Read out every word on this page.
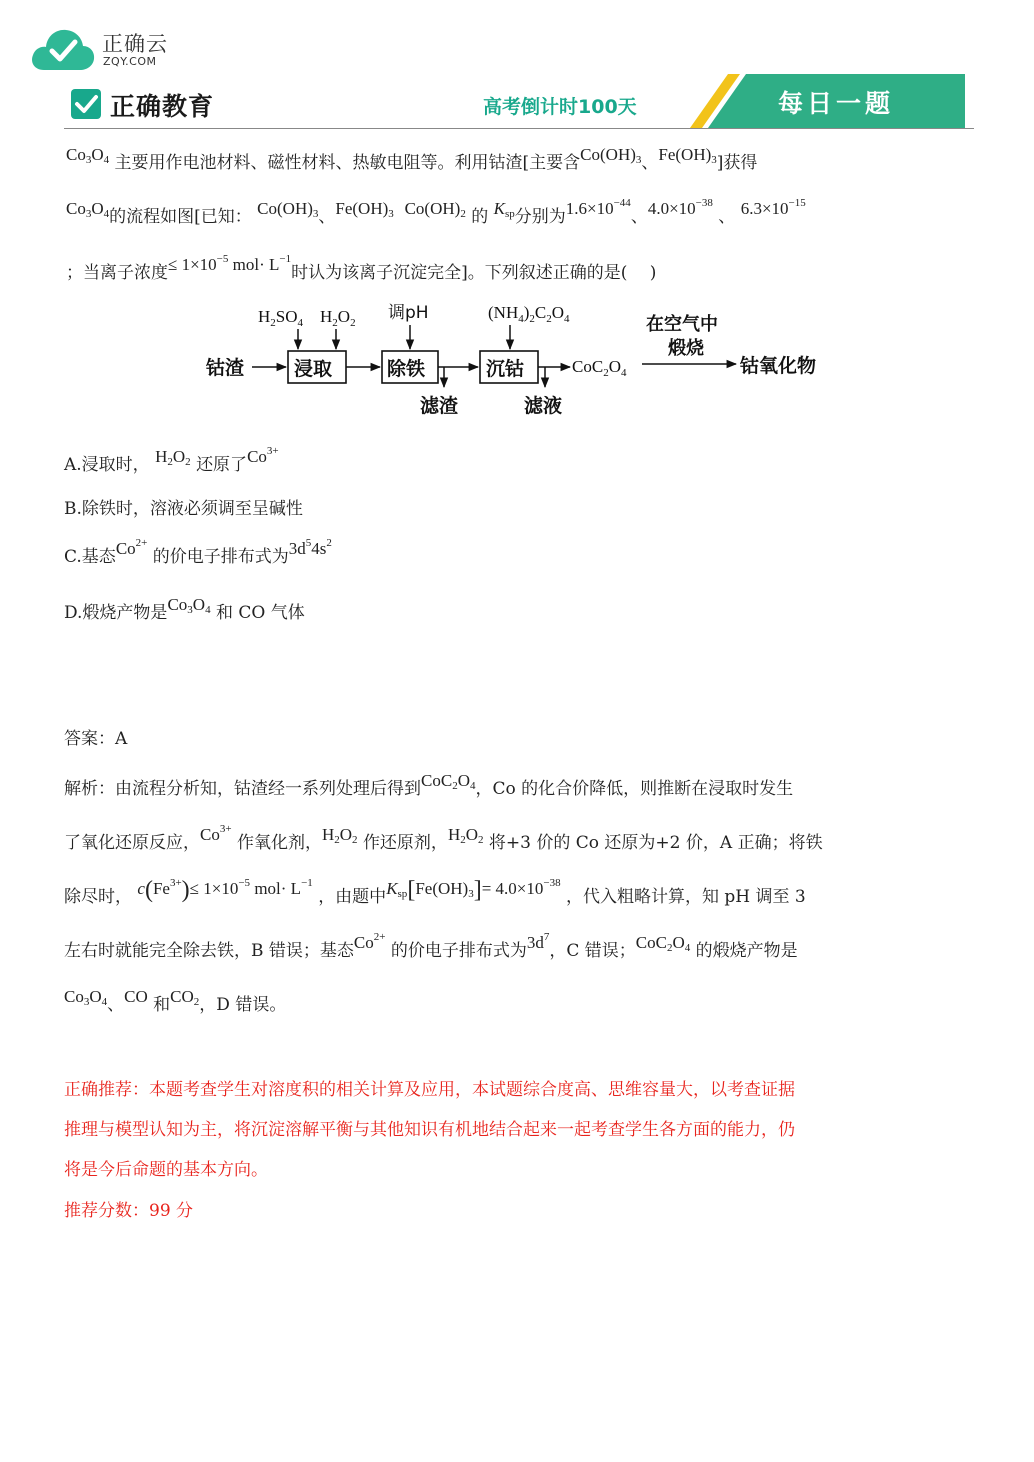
正确云
ZQY.COM
正确教育	高考倒计时100天	每日一题
Co3O4 主要用作电池材料、磁性材料、热敏电阻等。利用钴渣[主要含Co(OH)3、Fe(OH)3]获得
Co3O4的流程如图[已知： Co(OH)3、Fe(OH)3 Co(OH)2 的 Ksp分别为$1.6\times 10^{-44}$、$4.0\times 10^{-38}$ 、 $6.3\times 10^{-15}$
；当离子浓度≤ $1\times 10^{-5}$ $mol\cdot L^{-1}$时认为该离子沉淀完全]。下列叙述正确的是(　 )
钴渣	浸取
$H_2SO_4$ $H_2O_2$
除铁
调pH
滤渣
沉钴
$(NH_4)_2C_2O_4$
滤液
$CoC_2O_4$
在空气中
煅烧
钴氧化物
A.浸取时， H2O2 还原了$Co^{3+}$
B.除铁时，溶液必须调至呈碱性
C.基态$Co^{2+}$ 的价电子排布式为$3d^54s^2$
D.煅烧产物是Co3O4 和 CO 气体
答案：A
解析：由流程分析知，钴渣经一系列处理后得到CoC2O4，Co 的化合价降低，则推断在浸取时发生
了氧化还原反应，$Co^{3+}$ 作氧化剂，H2O2 作还原剂，H2O2 将+3 价的 Co 还原为+2 价，A 正确；将铁
除尽时， $c(Fe^{3+})\le 1\times 10^{-5}$ $mol\cdot L^{-1}$ ，由题中$Ksp[Fe(OH)3]= 4.0\times 10^{-38}$ ，代入粗略计算，知 pH 调至 3
左右时就能完全除去铁，B 错误；基态$Co^{2+}$ 的价电子排布式为$3d^7$，C 错误；CoC2O4 的煅烧产物是
Co3O4、CO 和CO2，D 错误。
正确推荐：本题考查学生对溶度积的相关计算及应用，本试题综合度高、思维容量大，以考查证据
推理与模型认知为主，将沉淀溶解平衡与其他知识有机地结合起来一起考查学生各方面的能力，仍
将是今后命题的基本方向。
推荐分数：99 分
